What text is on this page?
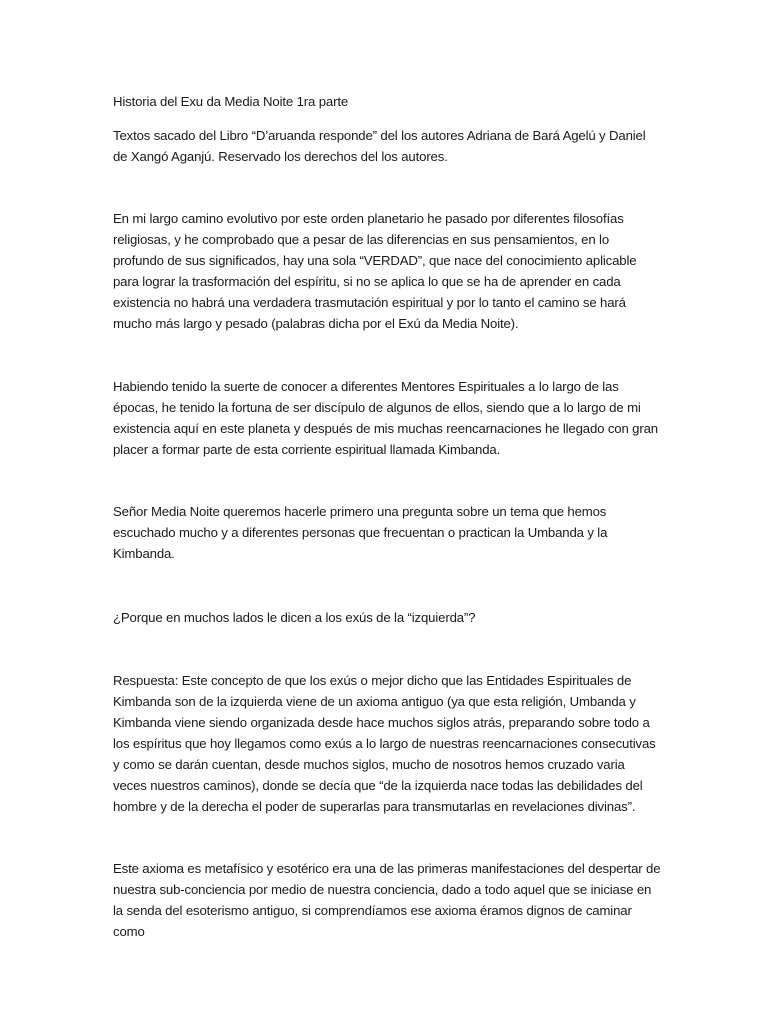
Historia del Exu da Media Noite 1ra parte

Textos sacado del Libro “D’aruanda responde” del los autores Adriana de Bará Agelú y Daniel de Xangó Aganjú. Reservado los derechos del los autores.

En mi largo camino evolutivo por este orden planetario he pasado por diferentes filosofías religiosas, y he comprobado que a pesar de las diferencias en sus pensamientos, en lo profundo de sus significados, hay una sola “VERDAD”, que nace del conocimiento aplicable para lograr la trasformación del espíritu, si no se aplica lo que se ha de aprender en cada existencia no habrá una verdadera trasmutación espiritual y por lo tanto el camino se hará mucho más largo y pesado (palabras dicha por el Exú da Media Noite).

Habiendo tenido la suerte de conocer a diferentes Mentores Espirituales a lo largo de las épocas, he tenido la fortuna de ser discípulo de algunos de ellos, siendo que a lo largo de mi existencia aquí en este planeta y después de mis muchas reencarnaciones he llegado con gran placer a formar parte de esta corriente espiritual llamada Kimbanda.

Señor Media Noite queremos hacerle primero una pregunta sobre un tema que hemos escuchado mucho y a diferentes personas que frecuentan o practican la Umbanda y la Kimbanda.

¿Porque en muchos lados le dicen a los exús de la “izquierda”?

Respuesta: Este concepto de que los exús o mejor dicho que las Entidades Espirituales de Kimbanda son de la izquierda viene de un axioma antiguo (ya que esta religión, Umbanda y Kimbanda viene siendo organizada desde hace muchos siglos atrás, preparando sobre todo a los espíritus que hoy llegamos como exús a lo largo de nuestras reencarnaciones consecutivas y como se darán cuentan, desde muchos siglos, mucho de nosotros hemos cruzado varia veces nuestros caminos), donde se decía que “de la izquierda nace todas las debilidades del hombre y de la derecha el poder de superarlas para transmutarlas en revelaciones divinas”.

Este axioma es metafísico y esotérico era una de las primeras manifestaciones del despertar de nuestra sub-conciencia por medio de nuestra conciencia, dado a todo aquel que se iniciase en la senda del esoterismo antiguo, si comprendíamos ese axioma éramos dignos de caminar como
